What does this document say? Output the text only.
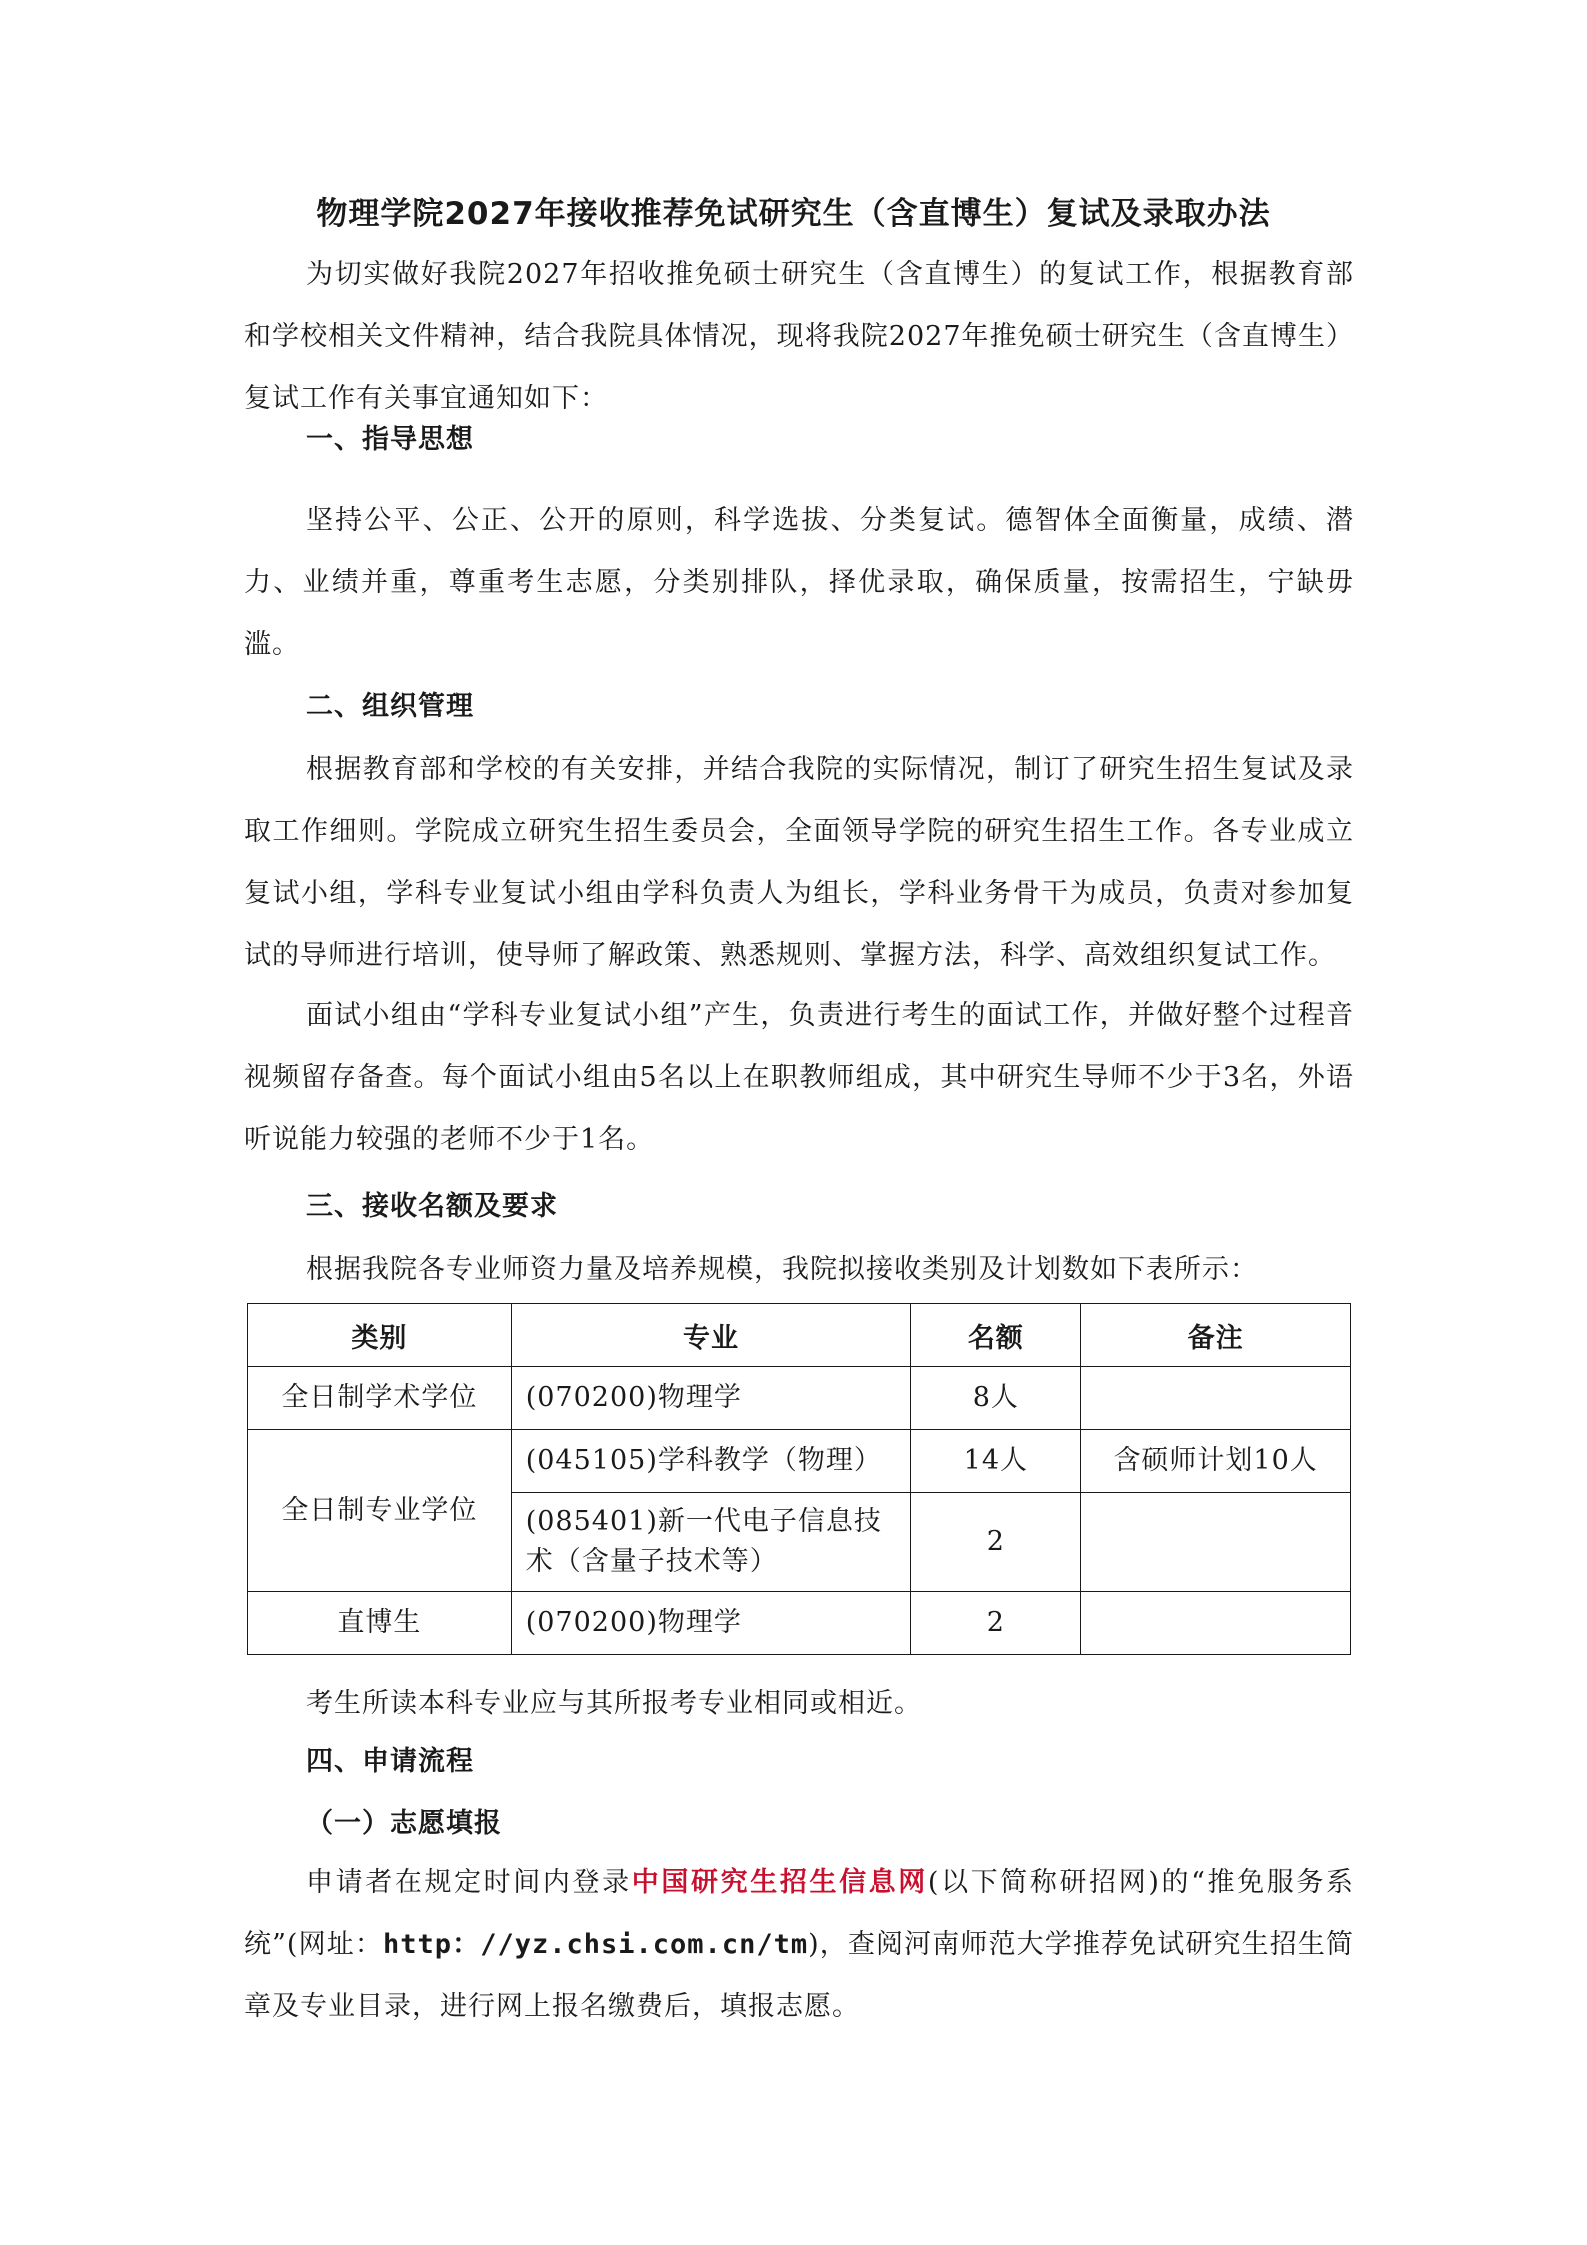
物理学院2027年接收推荐免试研究生（含直博生）复试及录取办法

为切实做好我院2027年招收推免硕士研究生（含直博生）的复试工作，根据教育部和学校相关文件精神，结合我院具体情况，现将我院2027年推免硕士研究生（含直博生）复试工作有关事宜通知如下：

一、指导思想

坚持公平、公正、公开的原则，科学选拔、分类复试。德智体全面衡量，成绩、潜力、业绩并重，尊重考生志愿，分类别排队，择优录取，确保质量，按需招生，宁缺毋滥。

二、组织管理

根据教育部和学校的有关安排，并结合我院的实际情况，制订了研究生招生复试及录取工作细则。学院成立研究生招生委员会，全面领导学院的研究生招生工作。各专业成立复试小组，学科专业复试小组由学科负责人为组长，学科业务骨干为成员，负责对参加复试的导师进行培训，使导师了解政策、熟悉规则、掌握方法，科学、高效组织复试工作。

面试小组由“学科专业复试小组”产生，负责进行考生的面试工作，并做好整个过程音视频留存备查。每个面试小组由5名以上在职教师组成，其中研究生导师不少于3名，外语听说能力较强的老师不少于1名。

三、接收名额及要求

根据我院各专业师资力量及培养规模，我院拟接收类别及计划数如下表所示：

类别	专业	名额	备注
全日制学术学位	(070200)物理学	8人	
全日制专业学位	(045105)学科教学（物理）	14人	含硕师计划10人
	(085401)新一代电子信息技术（含量子技术等）	2	
直博生	(070200)物理学	2	

考生所读本科专业应与其所报考专业相同或相近。

四、申请流程
（一）志愿填报

申请者在规定时间内登录中国研究生招生信息网(以下简称研招网)的“推免服务系统”(网址：http：//yz.chsi.com.cn/tm)，查阅河南师范大学推荐免试研究生招生简章及专业目录，进行网上报名缴费后，填报志愿。
